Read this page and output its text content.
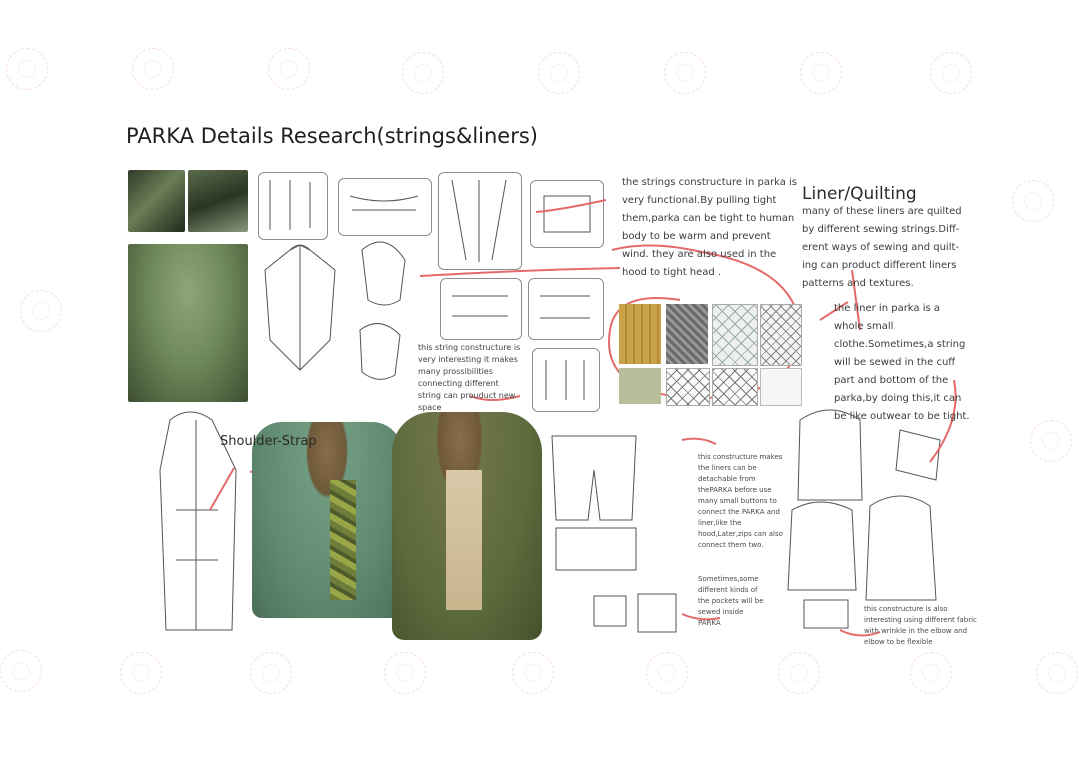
PARKA Details Research(strings&liners)
the strings constructure in parka is very functional.By pulling tight them,parka can be tight to human body to be warm and prevent wind. they are also used in the hood to tight head .
Liner/Quilting
many of these liners are quilted by different sewing strings.Diff-erent ways of sewing and quilt-ing can product different liners patterns and textures.
the liner in parka is a whole small clothe.Sometimes,a string will be sewed in the cuff part and bottom of the parka,by doing this,it can be like outwear to be tight.
this string constructure is very interesting it makes many prossibilities connecting different string can prouduct new space
Shoulder-Strap
this constructure makes the liners can be detachable from thePARKA before use many small buttons to connect the PARKA and liner,like the hood,Later,zips can also connect them two.
Sometimes,some different kinds of the pockets will be sewed inside PARKA
this constructure is also interesting using different fabric with wrinkle in the elbow and elbow to be flexible
